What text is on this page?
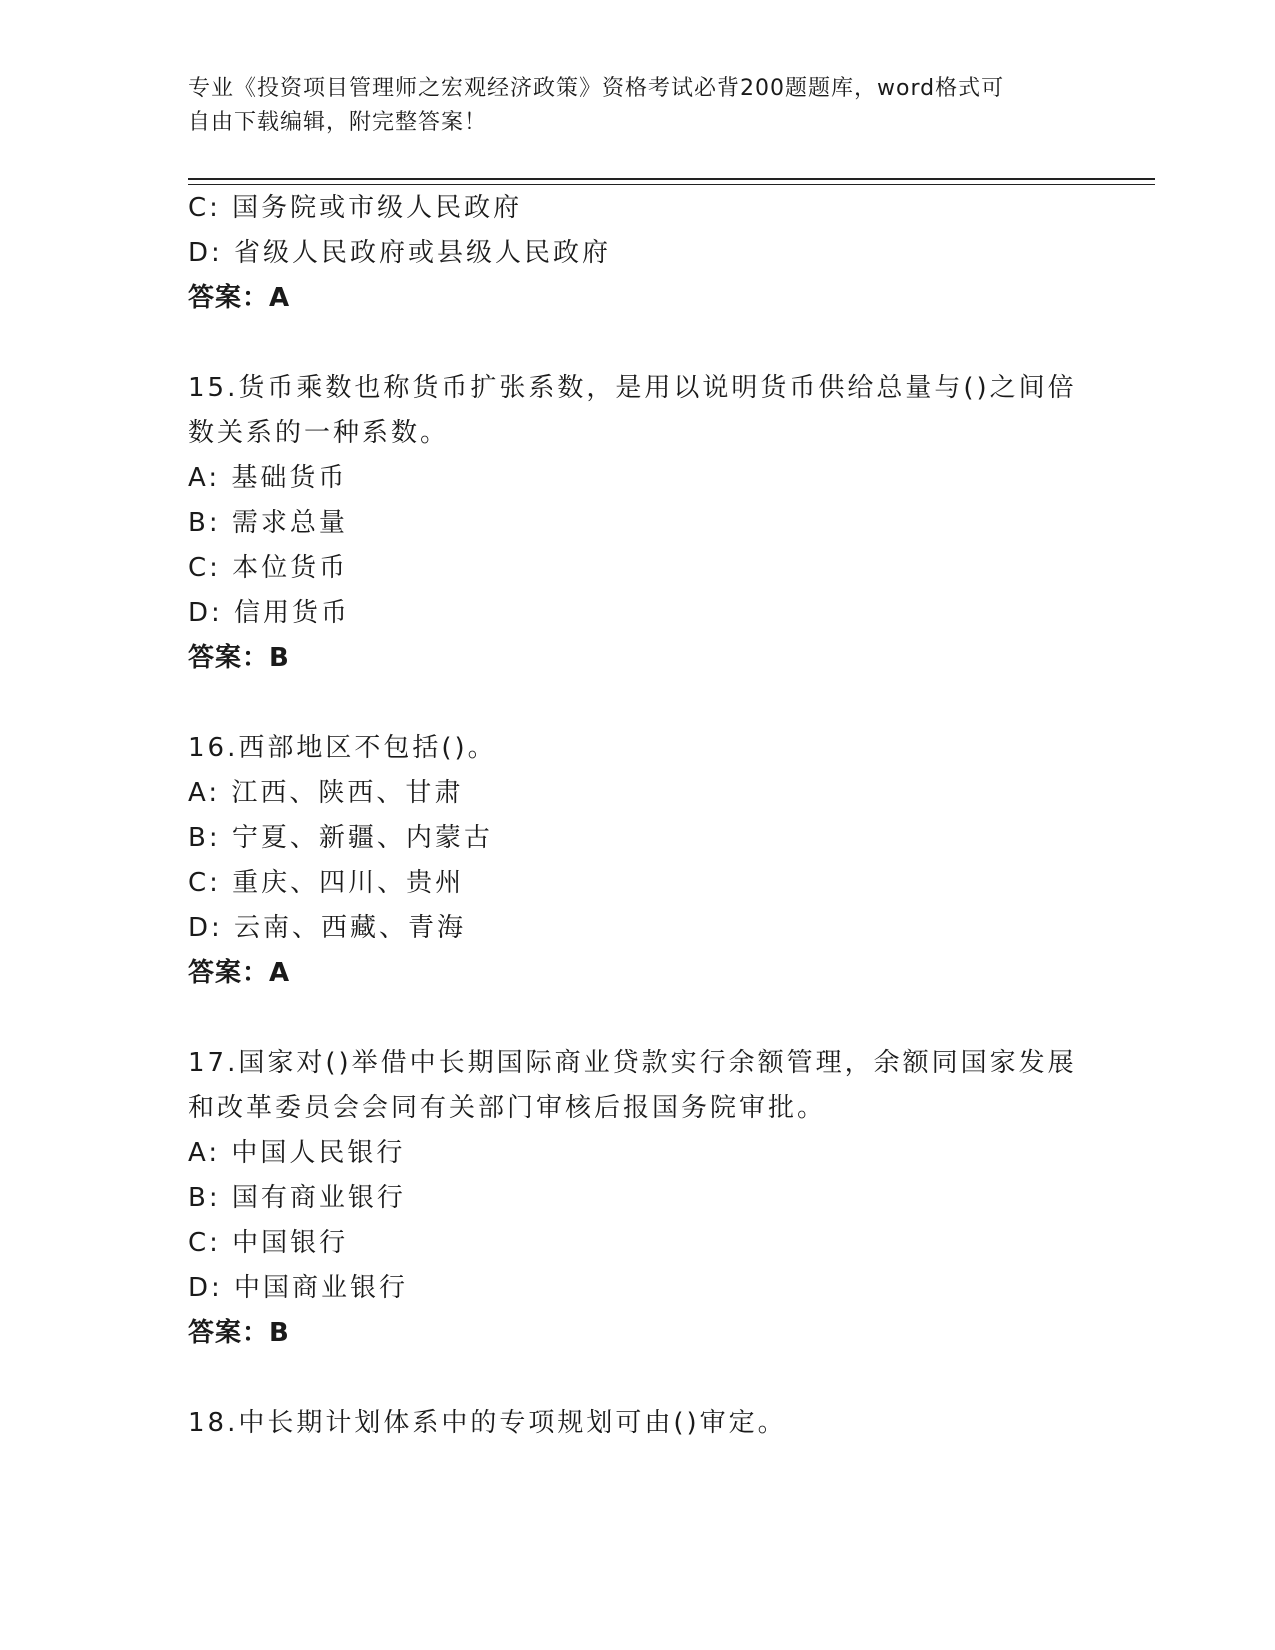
专业《投资项目管理师之宏观经济政策》资格考试必背200题题库，word格式可
自由下载编辑，附完整答案！
C: 国务院或市级人民政府
D: 省级人民政府或县级人民政府
答案：A
15.货币乘数也称货币扩张系数，是用以说明货币供给总量与()之间倍
数关系的一种系数。
A: 基础货币
B: 需求总量
C: 本位货币
D: 信用货币
答案：B
16.西部地区不包括()。
A: 江西、陕西、甘肃
B: 宁夏、新疆、内蒙古
C: 重庆、四川、贵州
D: 云南、西藏、青海
答案：A
17.国家对()举借中长期国际商业贷款实行余额管理，余额同国家发展
和改革委员会会同有关部门审核后报国务院审批。
A: 中国人民银行
B: 国有商业银行
C: 中国银行
D: 中国商业银行
答案：B
18.中长期计划体系中的专项规划可由()审定。
